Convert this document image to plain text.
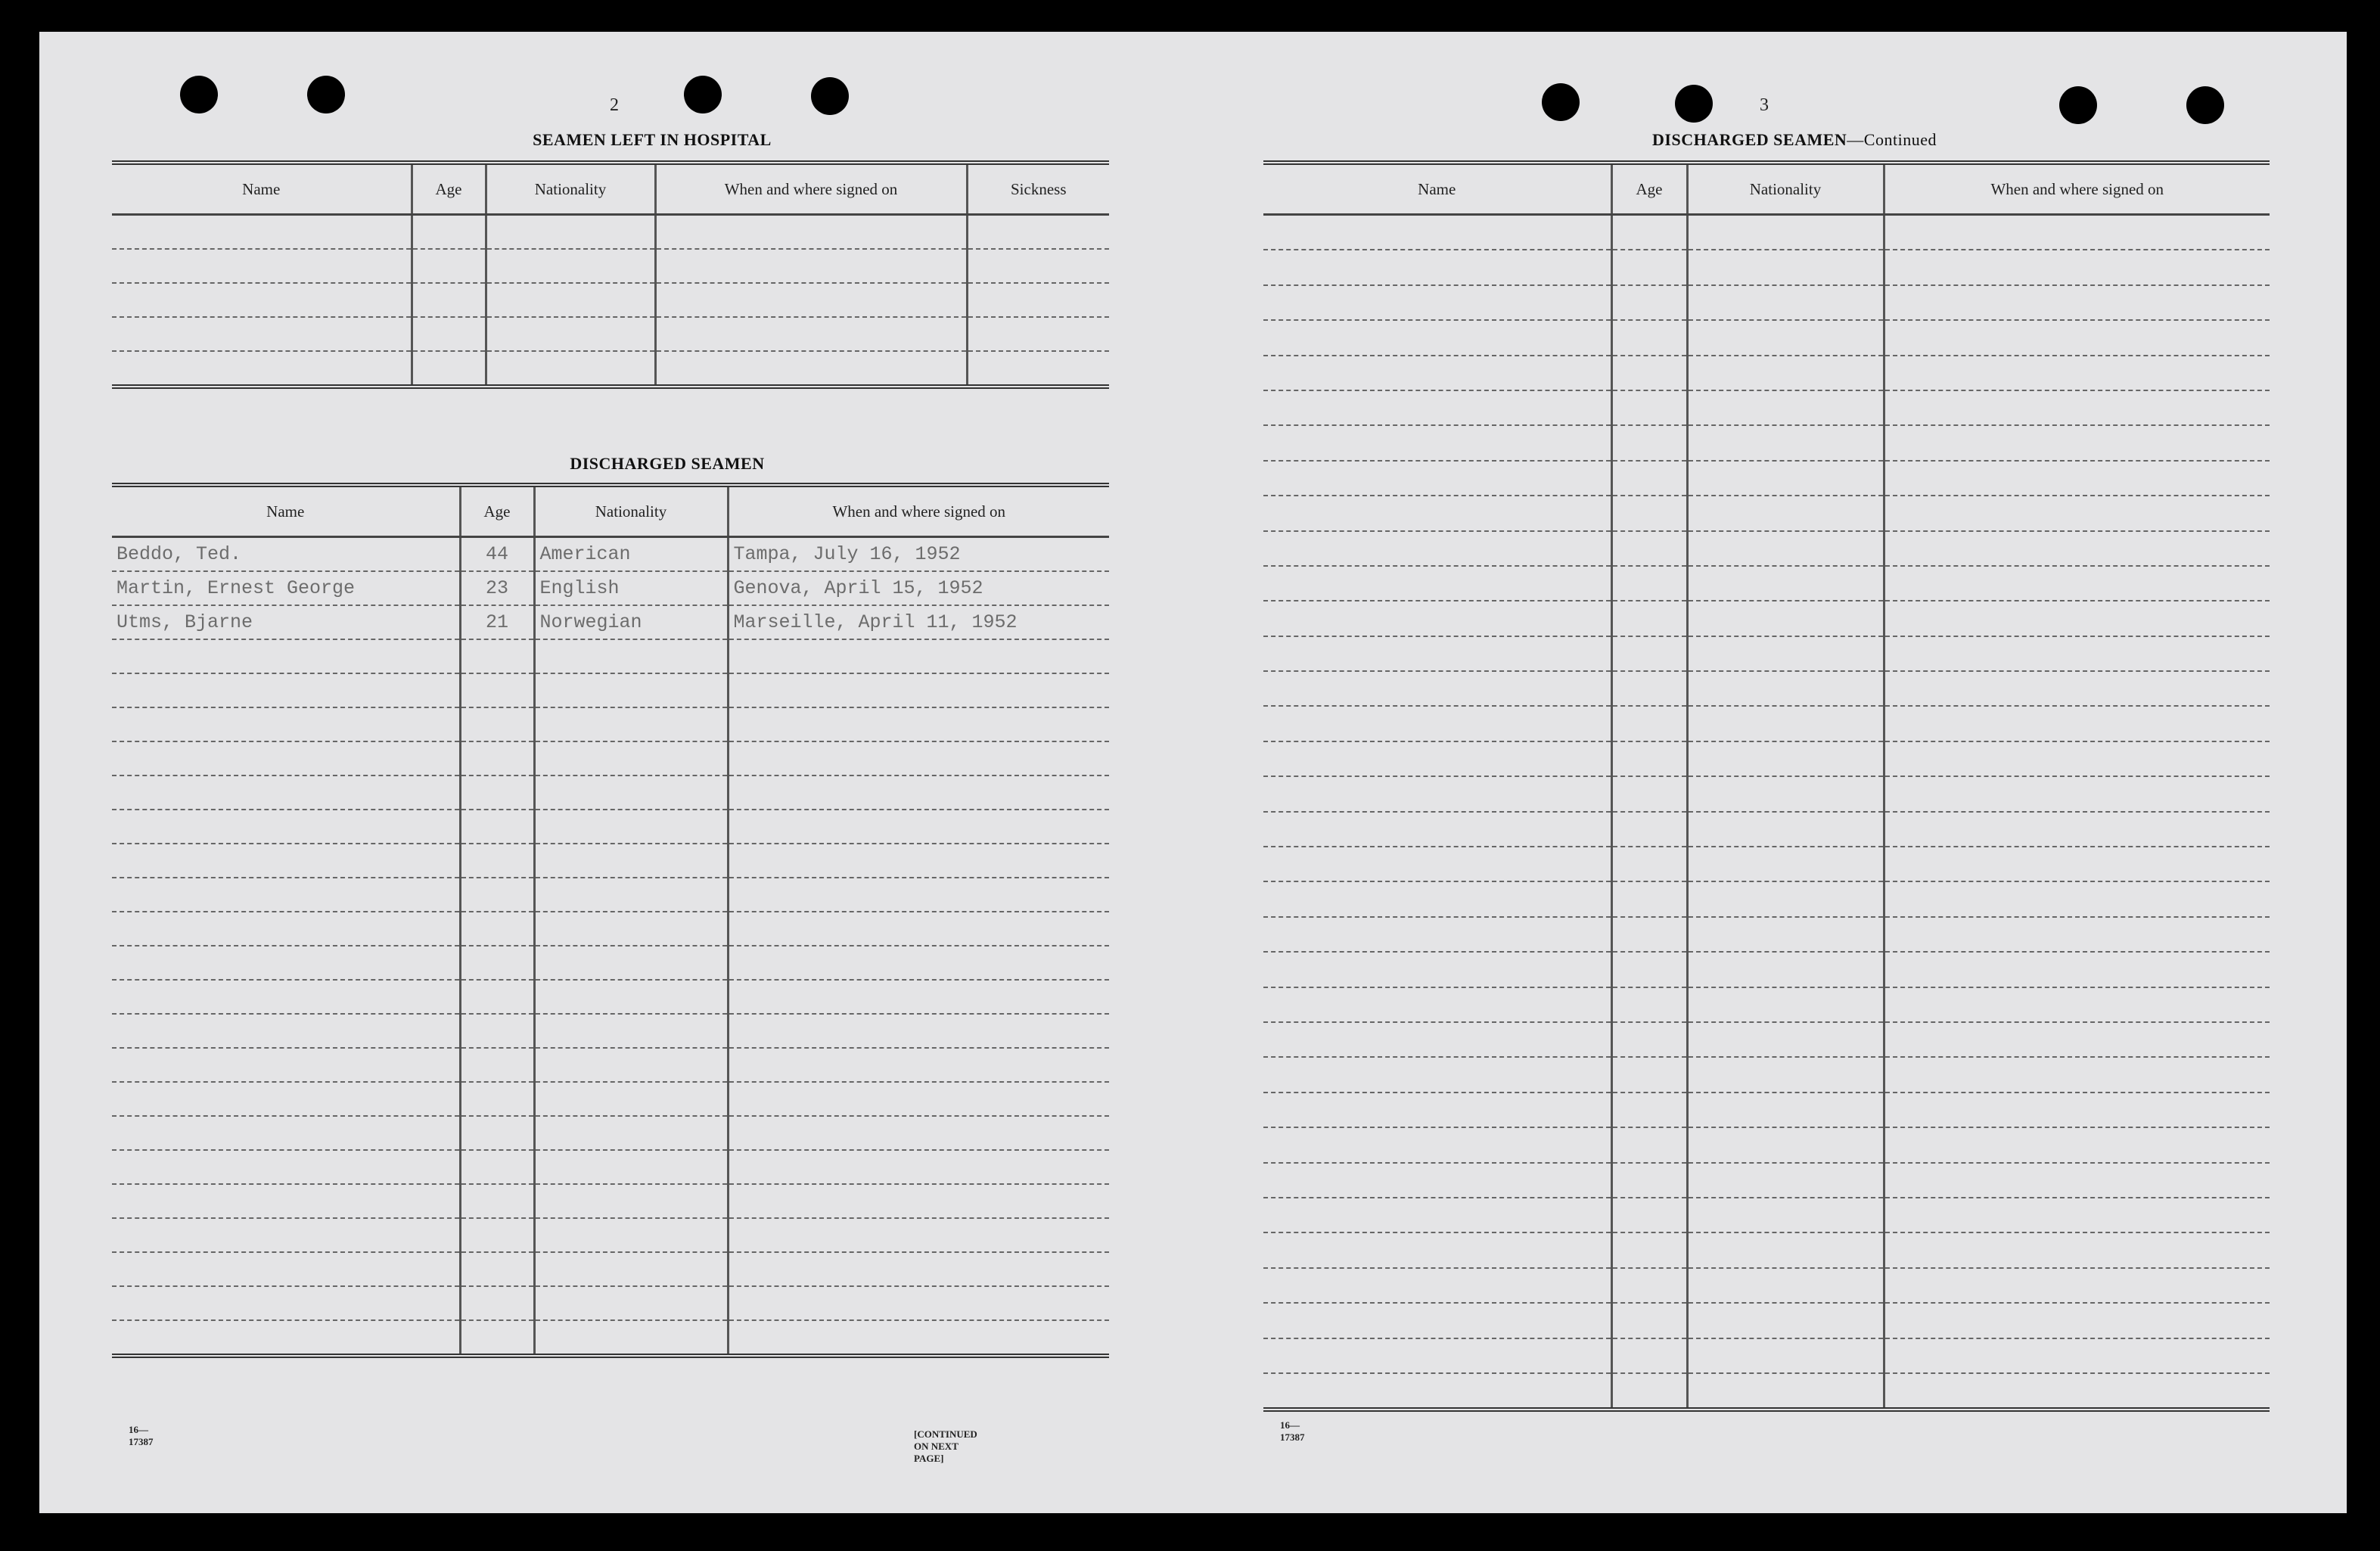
2
SEAMEN LEFT IN HOSPITAL
Name	Age	Nationality	When and where signed on	Sickness

DISCHARGED SEAMEN
Name	Age	Nationality	When and where signed on
Beddo, Ted.	44	American	Tampa, July 16, 1952
Martin, Ernest George	23	English	Genova, April 15, 1952
Utms, Bjarne	21	Norwegian	Marseille, April 11, 1952

16—17387
[CONTINUED ON NEXT PAGE]
3
DISCHARGED SEAMEN—Continued
Name	Age	Nationality	When and where signed on

16—17387
